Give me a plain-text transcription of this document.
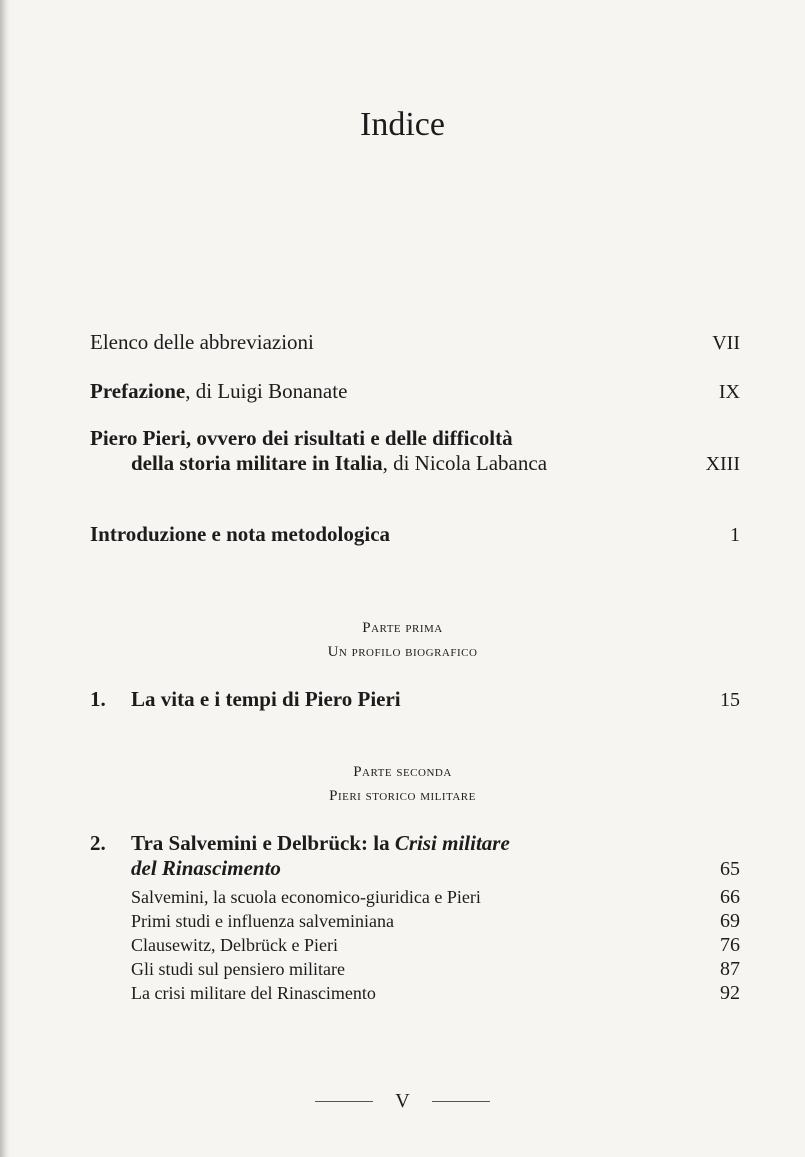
Indice
Elenco delle abbreviazioni	VII
Prefazione, di Luigi Bonanate	IX
Piero Pieri, ovvero dei risultati e delle difficoltà
della storia militare in Italia, di Nicola Labanca	XIII
Introduzione e nota metodologica	1
Parte prima
Un profilo biografico
1.	La vita e i tempi di Piero Pieri	15
Parte seconda
Pieri storico militare
2.	Tra Salvemini e Delbrück: la Crisi militare
del Rinascimento	65
Salvemini, la scuola economico-giuridica e Pieri	66
Primi studi e influenza salveminiana	69
Clausewitz, Delbrück e Pieri	76
Gli studi sul pensiero militare	87
La crisi militare del Rinascimento	92
V
